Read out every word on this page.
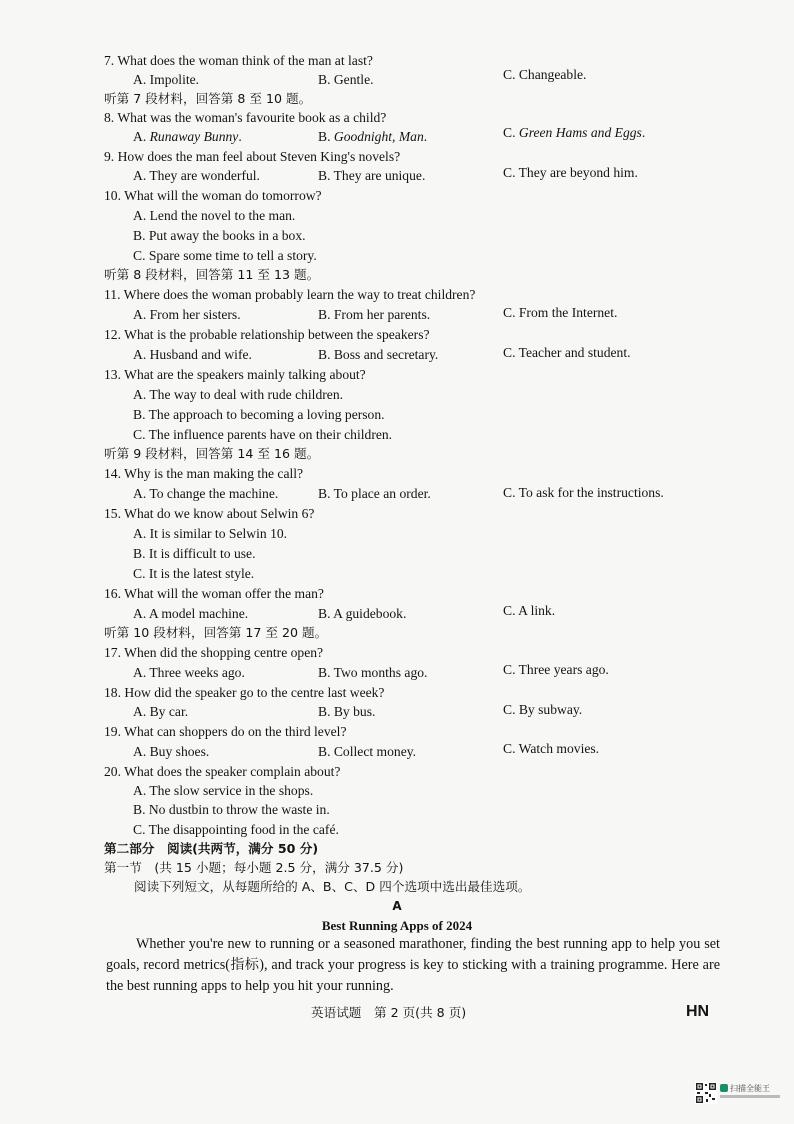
7. What does the woman think of the man at last?
A. Impolite.	B. Gentle.	C. Changeable.
听第 7 段材料，回答第 8 至 10 题。
8. What was the woman's favourite book as a child?
A. Runaway Bunny.	B. Goodnight, Man.	C. Green Hams and Eggs.
9. How does the man feel about Steven King's novels?
A. They are wonderful.	B. They are unique.	C. They are beyond him.
10. What will the woman do tomorrow?
A. Lend the novel to the man.
B. Put away the books in a box.
C. Spare some time to tell a story.
听第 8 段材料，回答第 11 至 13 题。
11. Where does the woman probably learn the way to treat children?
A. From her sisters.	B. From her parents.	C. From the Internet.
12. What is the probable relationship between the speakers?
A. Husband and wife.	B. Boss and secretary.	C. Teacher and student.
13. What are the speakers mainly talking about?
A. The way to deal with rude children.
B. The approach to becoming a loving person.
C. The influence parents have on their children.
听第 9 段材料，回答第 14 至 16 题。
14. Why is the man making the call?
A. To change the machine.	B. To place an order.	C. To ask for the instructions.
15. What do we know about Selwin 6?
A. It is similar to Selwin 10.
B. It is difficult to use.
C. It is the latest style.
16. What will the woman offer the man?
A. A model machine.	B. A guidebook.	C. A link.
听第 10 段材料，回答第 17 至 20 题。
17. When did the shopping centre open?
A. Three weeks ago.	B. Two months ago.	C. Three years ago.
18. How did the speaker go to the centre last week?
A. By car.	B. By bus.	C. By subway.
19. What can shoppers do on the third level?
A. Buy shoes.	B. Collect money.	C. Watch movies.
20. What does the speaker complain about?
A. The slow service in the shops.
B. No dustbin to throw the waste in.
C. The disappointing food in the café.
第二部分　阅读(共两节，满分 50 分)
第一节　(共 15 小题；每小题 2.5 分，满分 37.5 分)
阅读下列短文，从每题所给的 A、B、C、D 四个选项中选出最佳选项。
A
Best Running Apps of 2024
Whether you're new to running or a seasoned marathoner, finding the best running app to help you set goals, record metrics(指标), and track your progress is key to sticking with a training programme. Here are the best running apps to help you hit your running.
英语试题　第 2 页(共 8 页)	HN
扫描全能王
